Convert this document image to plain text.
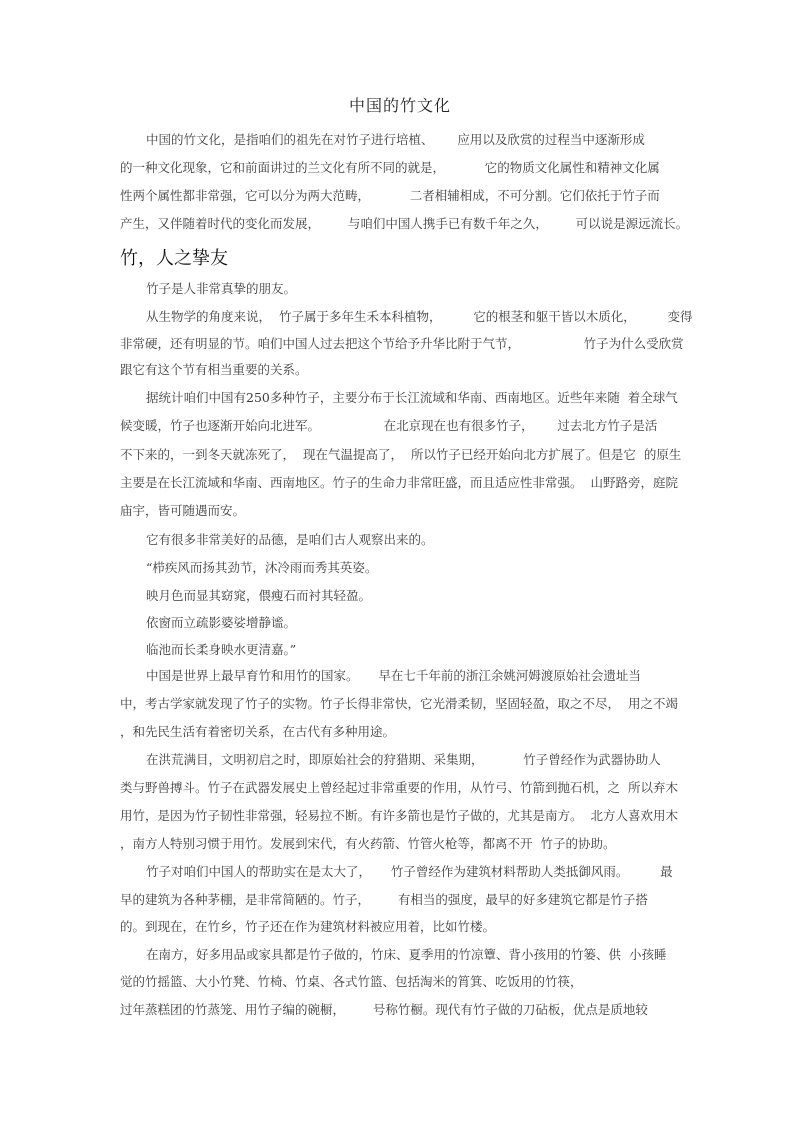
中国的竹文化
竹，人之挚友
中国的竹文化，是指咱们的祖先在对竹子进行培植、      应用以及欣赏的过程当中逐渐形成
的一种文化现象，它和前面讲过的兰文化有所不同的就是，          它的物质文化属性和精神文化属
性两个属性都非常强，它可以分为两大范畴，          二者相辅相成，不可分割。它们依托于竹子而
产生，又伴随着时代的变化而发展，       与咱们中国人携手已有数千年之久，       可以说是源远流长。
竹子是人非常真挚的朋友。
从生物学的角度来说，  竹子属于多年生禾本科植物，        它的根茎和躯干皆以木质化，        变得
非常硬，还有明显的节。咱们中国人过去把这个节给予升华比附于气节，                竹子为什么受欣赏
跟它有这个节有相当重要的关系。
据统计咱们中国有250多种竹子，主要分布于长江流域和华南、西南地区。近些年来随  着全球气
候变暖，竹子也逐渐开始向北进军。                在北京现在也有很多竹子，      过去北方竹子是活
不下来的，一到冬天就冻死了，  现在气温提高了，  所以竹子已经开始向北方扩展了。但是它  的原生
主要是在长江流域和华南、西南地区。竹子的生命力非常旺盛，而且适应性非常强。  山野路旁，庭院
庙宇，皆可随遇而安。
它有很多非常美好的品德，是咱们古人观察出来的。
“栉疾风而扬其劲节，沐冷雨而秀其英姿。
映月色而显其窈窕，偎瘦石而衬其轻盈。
依窗而立疏影婆娑增静谧。
临池而长柔身映水更清嘉。”
中国是世界上最早育竹和用竹的国家。     早在七千年前的浙江余姚河姆渡原始社会遗址当
中，考古学家就发现了竹子的实物。竹子长得非常快，它光滑柔韧，坚固轻盈，取之不尽，  用之不竭
，和先民生活有着密切关系，在古代有多种用途。
在洪荒满目，文明初启之时，即原始社会的狩猎期、采集期，          竹子曾经作为武器协助人
类与野兽搏斗。竹子在武器发展史上曾经起过非常重要的作用，从竹弓、竹箭到抛石机，之  所以弃木
用竹，是因为竹子韧性非常强，轻易拉不断。有许多箭也是竹子做的，尤其是南方。  北方人喜欢用木
，南方人特别习惯于用竹。发展到宋代，有火药箭、竹管火枪等，都离不开  竹子的协助。
竹子对咱们中国人的帮助实在是太大了，     竹子曾经作为建筑材料帮助人类抵御风雨。        最
早的建筑为各种茅棚，是非常简陋的。竹子，       有相当的强度，最早的好多建筑它都是竹子搭
的。到现在，在竹乡，竹子还在作为建筑材料被应用着，比如竹楼。
在南方，好多用品或家具都是竹子做的，竹床、夏季用的竹凉簟、背小孩用的竹篓、供  小孩睡
觉的竹摇篮、大小竹凳、竹椅、竹桌、各式竹篮、包括淘米的筲箕、吃饭用的竹筷，
过年蒸糕团的竹蒸笼、用竹子编的碗橱，       号称竹橱。现代有竹子做的刀砧板，优点是质地较
